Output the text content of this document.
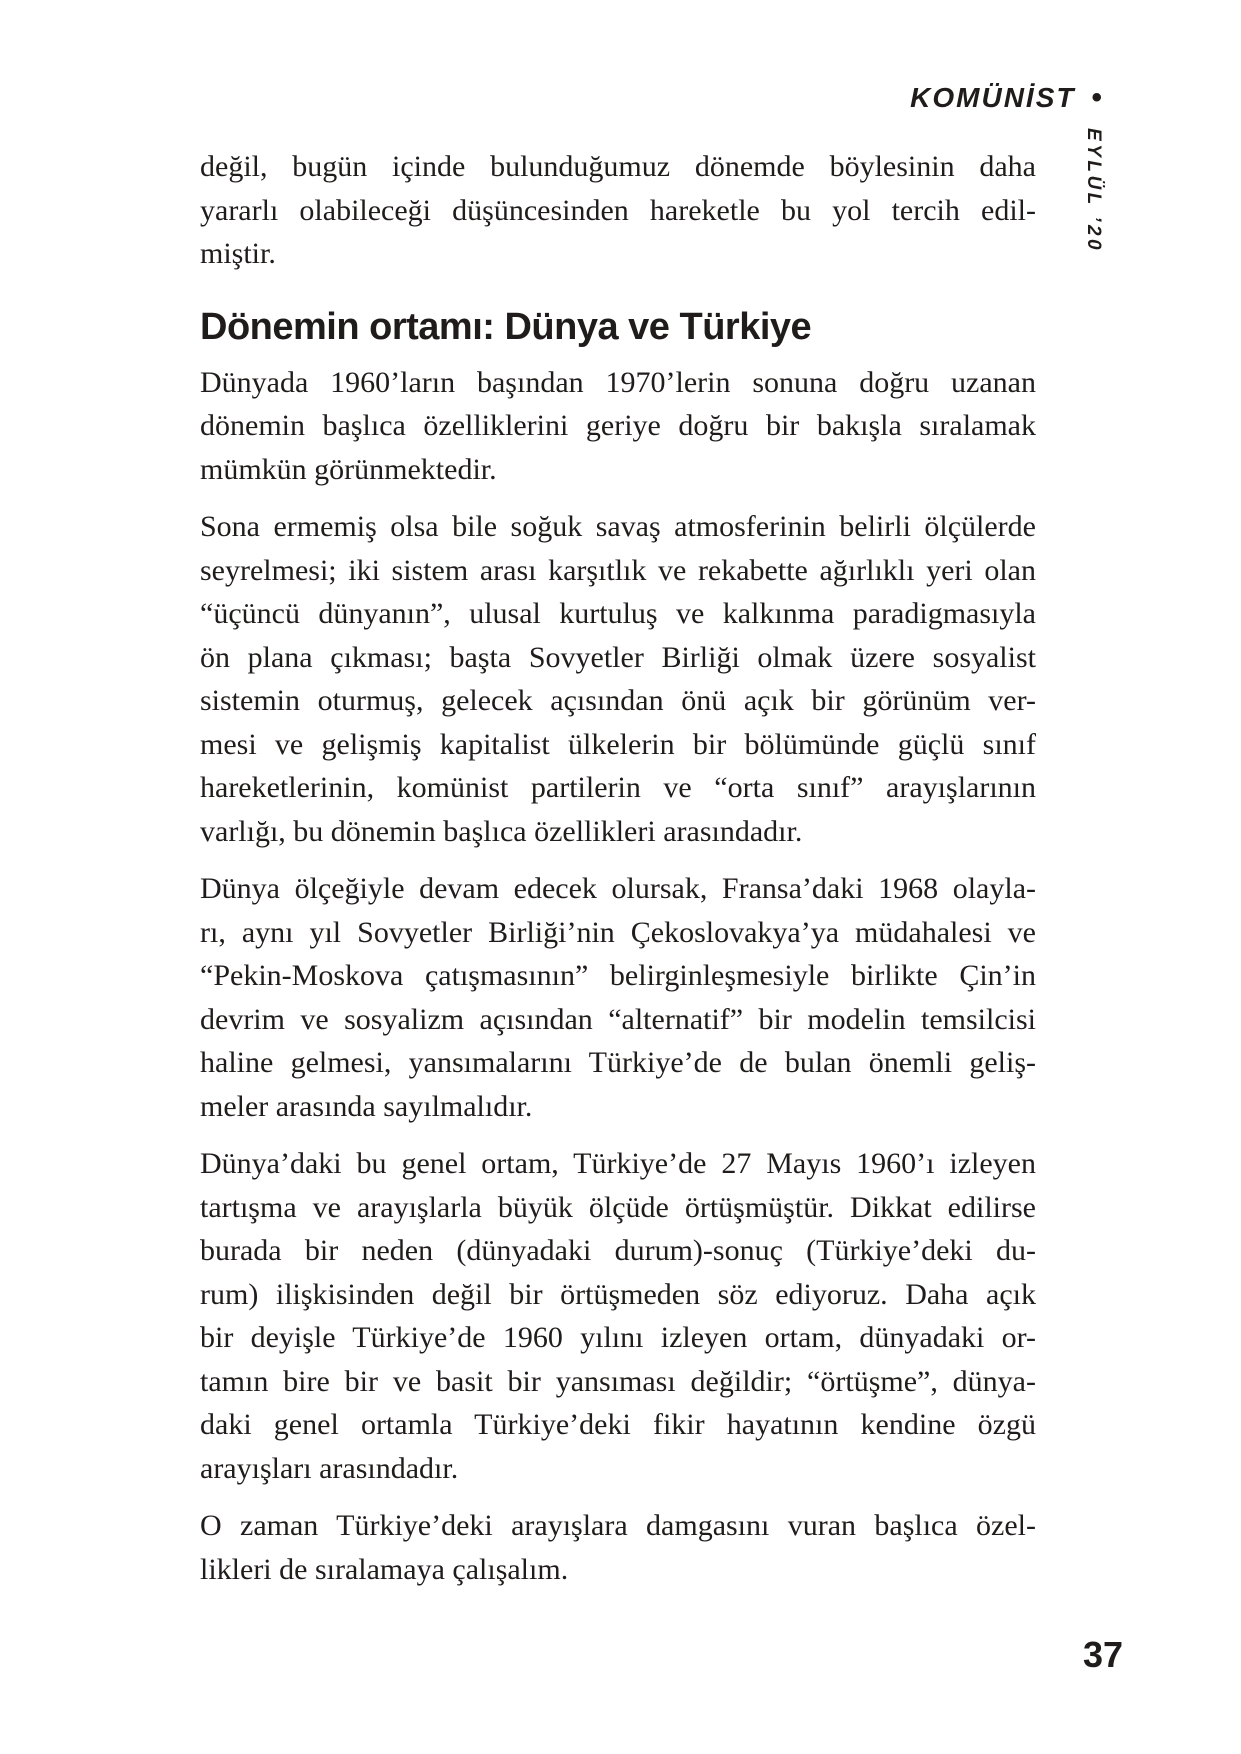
KOMÜNİST •
EYLÜL ’20
değil, bugün içinde bulunduğumuz dönemde böylesinin daha
yararlı olabileceği düşüncesinden hareketle bu yol tercih edil-
miştir.
Dönemin ortamı: Dünya ve Türkiye
Dünyada 1960’ların başından 1970’lerin sonuna doğru uzanan
dönemin başlıca özelliklerini geriye doğru bir bakışla sıralamak
mümkün görünmektedir.
Sona ermemiş olsa bile soğuk savaş atmosferinin belirli ölçülerde
seyrelmesi; iki sistem arası karşıtlık ve rekabette ağırlıklı yeri olan
“üçüncü dünyanın”, ulusal kurtuluş ve kalkınma paradigmasıyla
ön plana çıkması; başta Sovyetler Birliği olmak üzere sosyalist
sistemin oturmuş, gelecek açısından önü açık bir görünüm ver-
mesi ve gelişmiş kapitalist ülkelerin bir bölümünde güçlü sınıf
hareketlerinin, komünist partilerin ve “orta sınıf” arayışlarının
varlığı, bu dönemin başlıca özellikleri arasındadır.
Dünya ölçeğiyle devam edecek olursak, Fransa’daki 1968 olayla-
rı, aynı yıl Sovyetler Birliği’nin Çekoslovakya’ya müdahalesi ve
“Pekin-Moskova çatışmasının” belirginleşmesiyle birlikte Çin’in
devrim ve sosyalizm açısından “alternatif” bir modelin temsilcisi
haline gelmesi, yansımalarını Türkiye’de de bulan önemli geliş-
meler arasında sayılmalıdır.
Dünya’daki bu genel ortam, Türkiye’de 27 Mayıs 1960’ı izleyen
tartışma ve arayışlarla büyük ölçüde örtüşmüştür. Dikkat edilirse
burada bir neden (dünyadaki durum)-sonuç (Türkiye’deki du-
rum) ilişkisinden değil bir örtüşmeden söz ediyoruz. Daha açık
bir deyişle Türkiye’de 1960 yılını izleyen ortam, dünyadaki or-
tamın bire bir ve basit bir yansıması değildir; “örtüşme”, dünya-
daki genel ortamla Türkiye’deki fikir hayatının kendine özgü
arayışları arasındadır.
O zaman Türkiye’deki arayışlara damgasını vuran başlıca özel-
likleri de sıralamaya çalışalım.
37
